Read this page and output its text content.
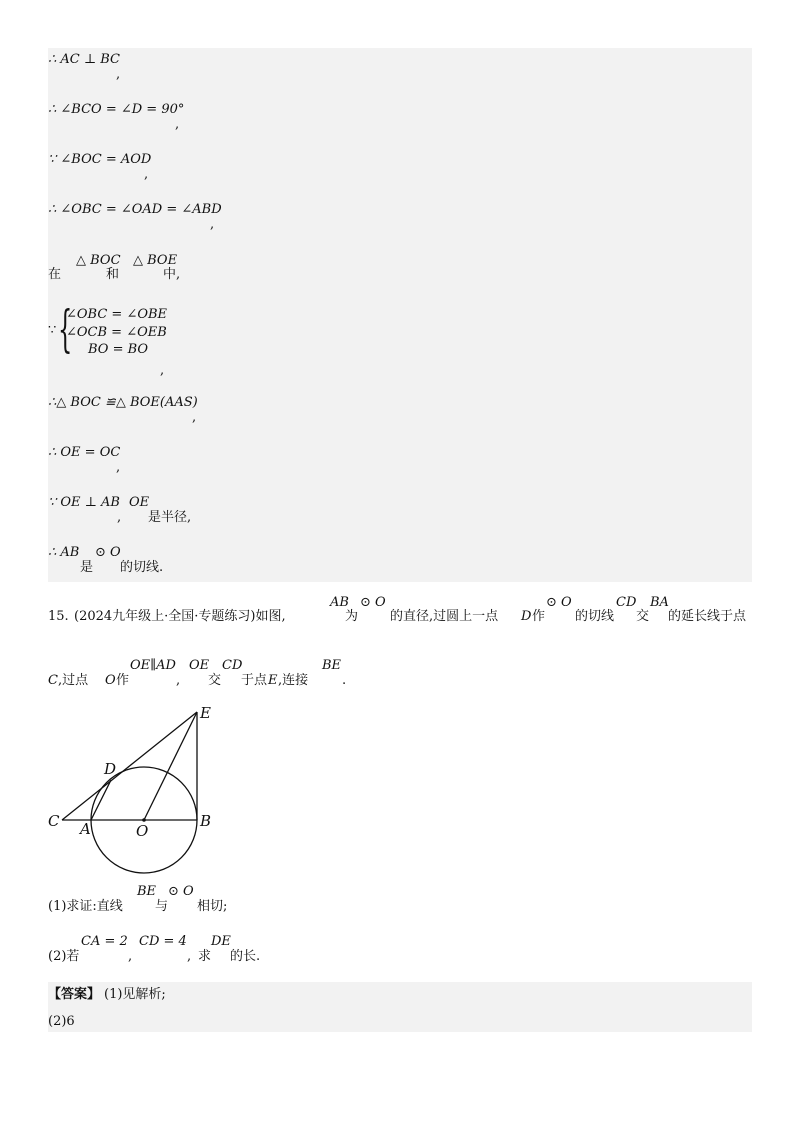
∴ AC ⊥ BC
,
∴ ∠BCO = ∠D = 90°
,
∵ ∠BOC = AOD
,
∴ ∠OBC = ∠OAD = ∠ABD
,
△ BOC △ BOE
在	和	中,
∵ {
∠OBC = ∠OBE
∠OCB = ∠OEB
BO = BO
,
∴△ BOC ≌△ BOE(AAS)
,
∴ OE = OC
,
∵ OE ⊥ AB OE
, 是半径,
∴ AB ⊙ O
是 的切线.
AB ⊙ O	⊙ O	CD BA
15. (2024九年级上·全国·专题练习)如图,	为 的直径,过圆上一点 D 作 的切线 交 的延长线于点
OE∥AD OE CD	BE
C ,过点 O 作	, 交 于点 E ,连接	.
E
D
C A	O
B
BE ⊙ O
(1)求证:直线 与 相切;
CA = 2 CD = 4 DE
(2)若	,	, 求 的长.
【答案】 (1)见解析;
(2)6
